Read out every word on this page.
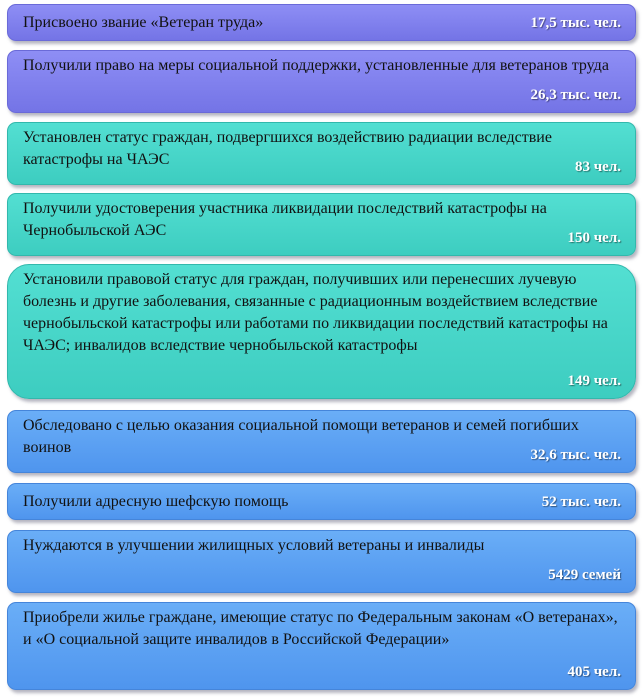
Присвоено звание «Ветеран труда»	17,5 тыс. чел.
Получили право на меры социальной поддержки, установленные для ветеранов труда
26,3 тыс. чел.
Установлен статус граждан, подвергшихся воздействию радиации вследствие катастрофы на ЧАЭС	83 чел.
Получили удостоверения участника ликвидации последствий катастрофы на Чернобыльской АЭС	150 чел.
Установили правовой статус для граждан, получивших или перенесших лучевую болезнь и другие заболевания, связанные с радиационным воздействием вследствие чернобыльской катастрофы или работами по ликвидации последствий катастрофы на ЧАЭС; инвалидов вследствие чернобыльской катастрофы
149 чел.
Обследовано с целью оказания социальной помощи ветеранов и семей погибших воинов	32,6 тыс. чел.
Получили адресную шефскую помощь	52 тыс. чел.
Нуждаются в улучшении жилищных условий ветераны и инвалиды
5429 семей
Приобрели жилье граждане, имеющие статус по Федеральным законам «О ветеранах», и «О социальной защите инвалидов в Российской Федерации»
405 чел.
